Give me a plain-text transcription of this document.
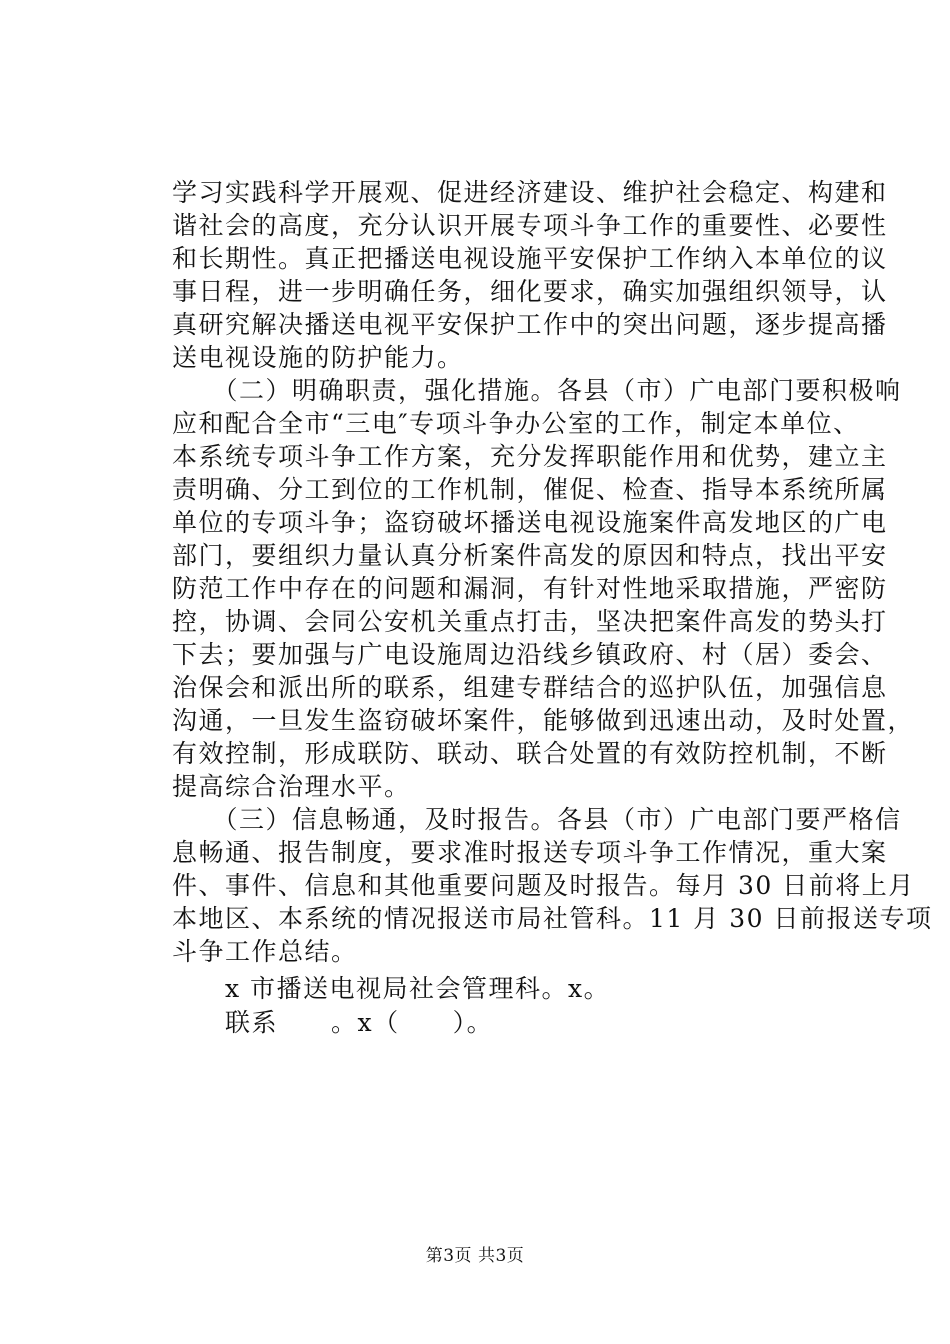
学习实践科学开展观、促进经济建设、维护社会稳定、构建和
谐社会的高度，充分认识开展专项斗争工作的重要性、必要性
和长期性。真正把播送电视设施平安保护工作纳入本单位的议
事日程，进一步明确任务，细化要求，确实加强组织领导，认
真研究解决播送电视平安保护工作中的突出问题，逐步提高播
送电视设施的防护能力。
　　（二）明确职责，强化措施。各县（市）广电部门要积极响
应和配合全市“三电″专项斗争办公室的工作，制定本单位、
本系统专项斗争工作方案，充分发挥职能作用和优势，建立主
责明确、分工到位的工作机制，催促、检查、指导本系统所属
单位的专项斗争；盗窃破坏播送电视设施案件高发地区的广电
部门，要组织力量认真分析案件高发的原因和特点，找出平安
防范工作中存在的问题和漏洞，有针对性地采取措施，严密防
控，协调、会同公安机关重点打击，坚决把案件高发的势头打
下去；要加强与广电设施周边沿线乡镇政府、村（居）委会、
治保会和派出所的联系，组建专群结合的巡护队伍，加强信息
沟通，一旦发生盗窃破坏案件，能够做到迅速出动，及时处置，
有效控制，形成联防、联动、联合处置的有效防控机制，不断
提高综合治理水平。
　　（三）信息畅通，及时报告。各县（市）广电部门要严格信
息畅通、报告制度，要求准时报送专项斗争工作情况，重大案
件、事件、信息和其他重要问题及时报告。每月 30 日前将上月
本地区、本系统的情况报送市局社管科。11 月 30 日前报送专项
斗争工作总结。
　　x 市播送电视局社会管理科。x。
　　联系　　。x（　　）。
第3页 共3页
